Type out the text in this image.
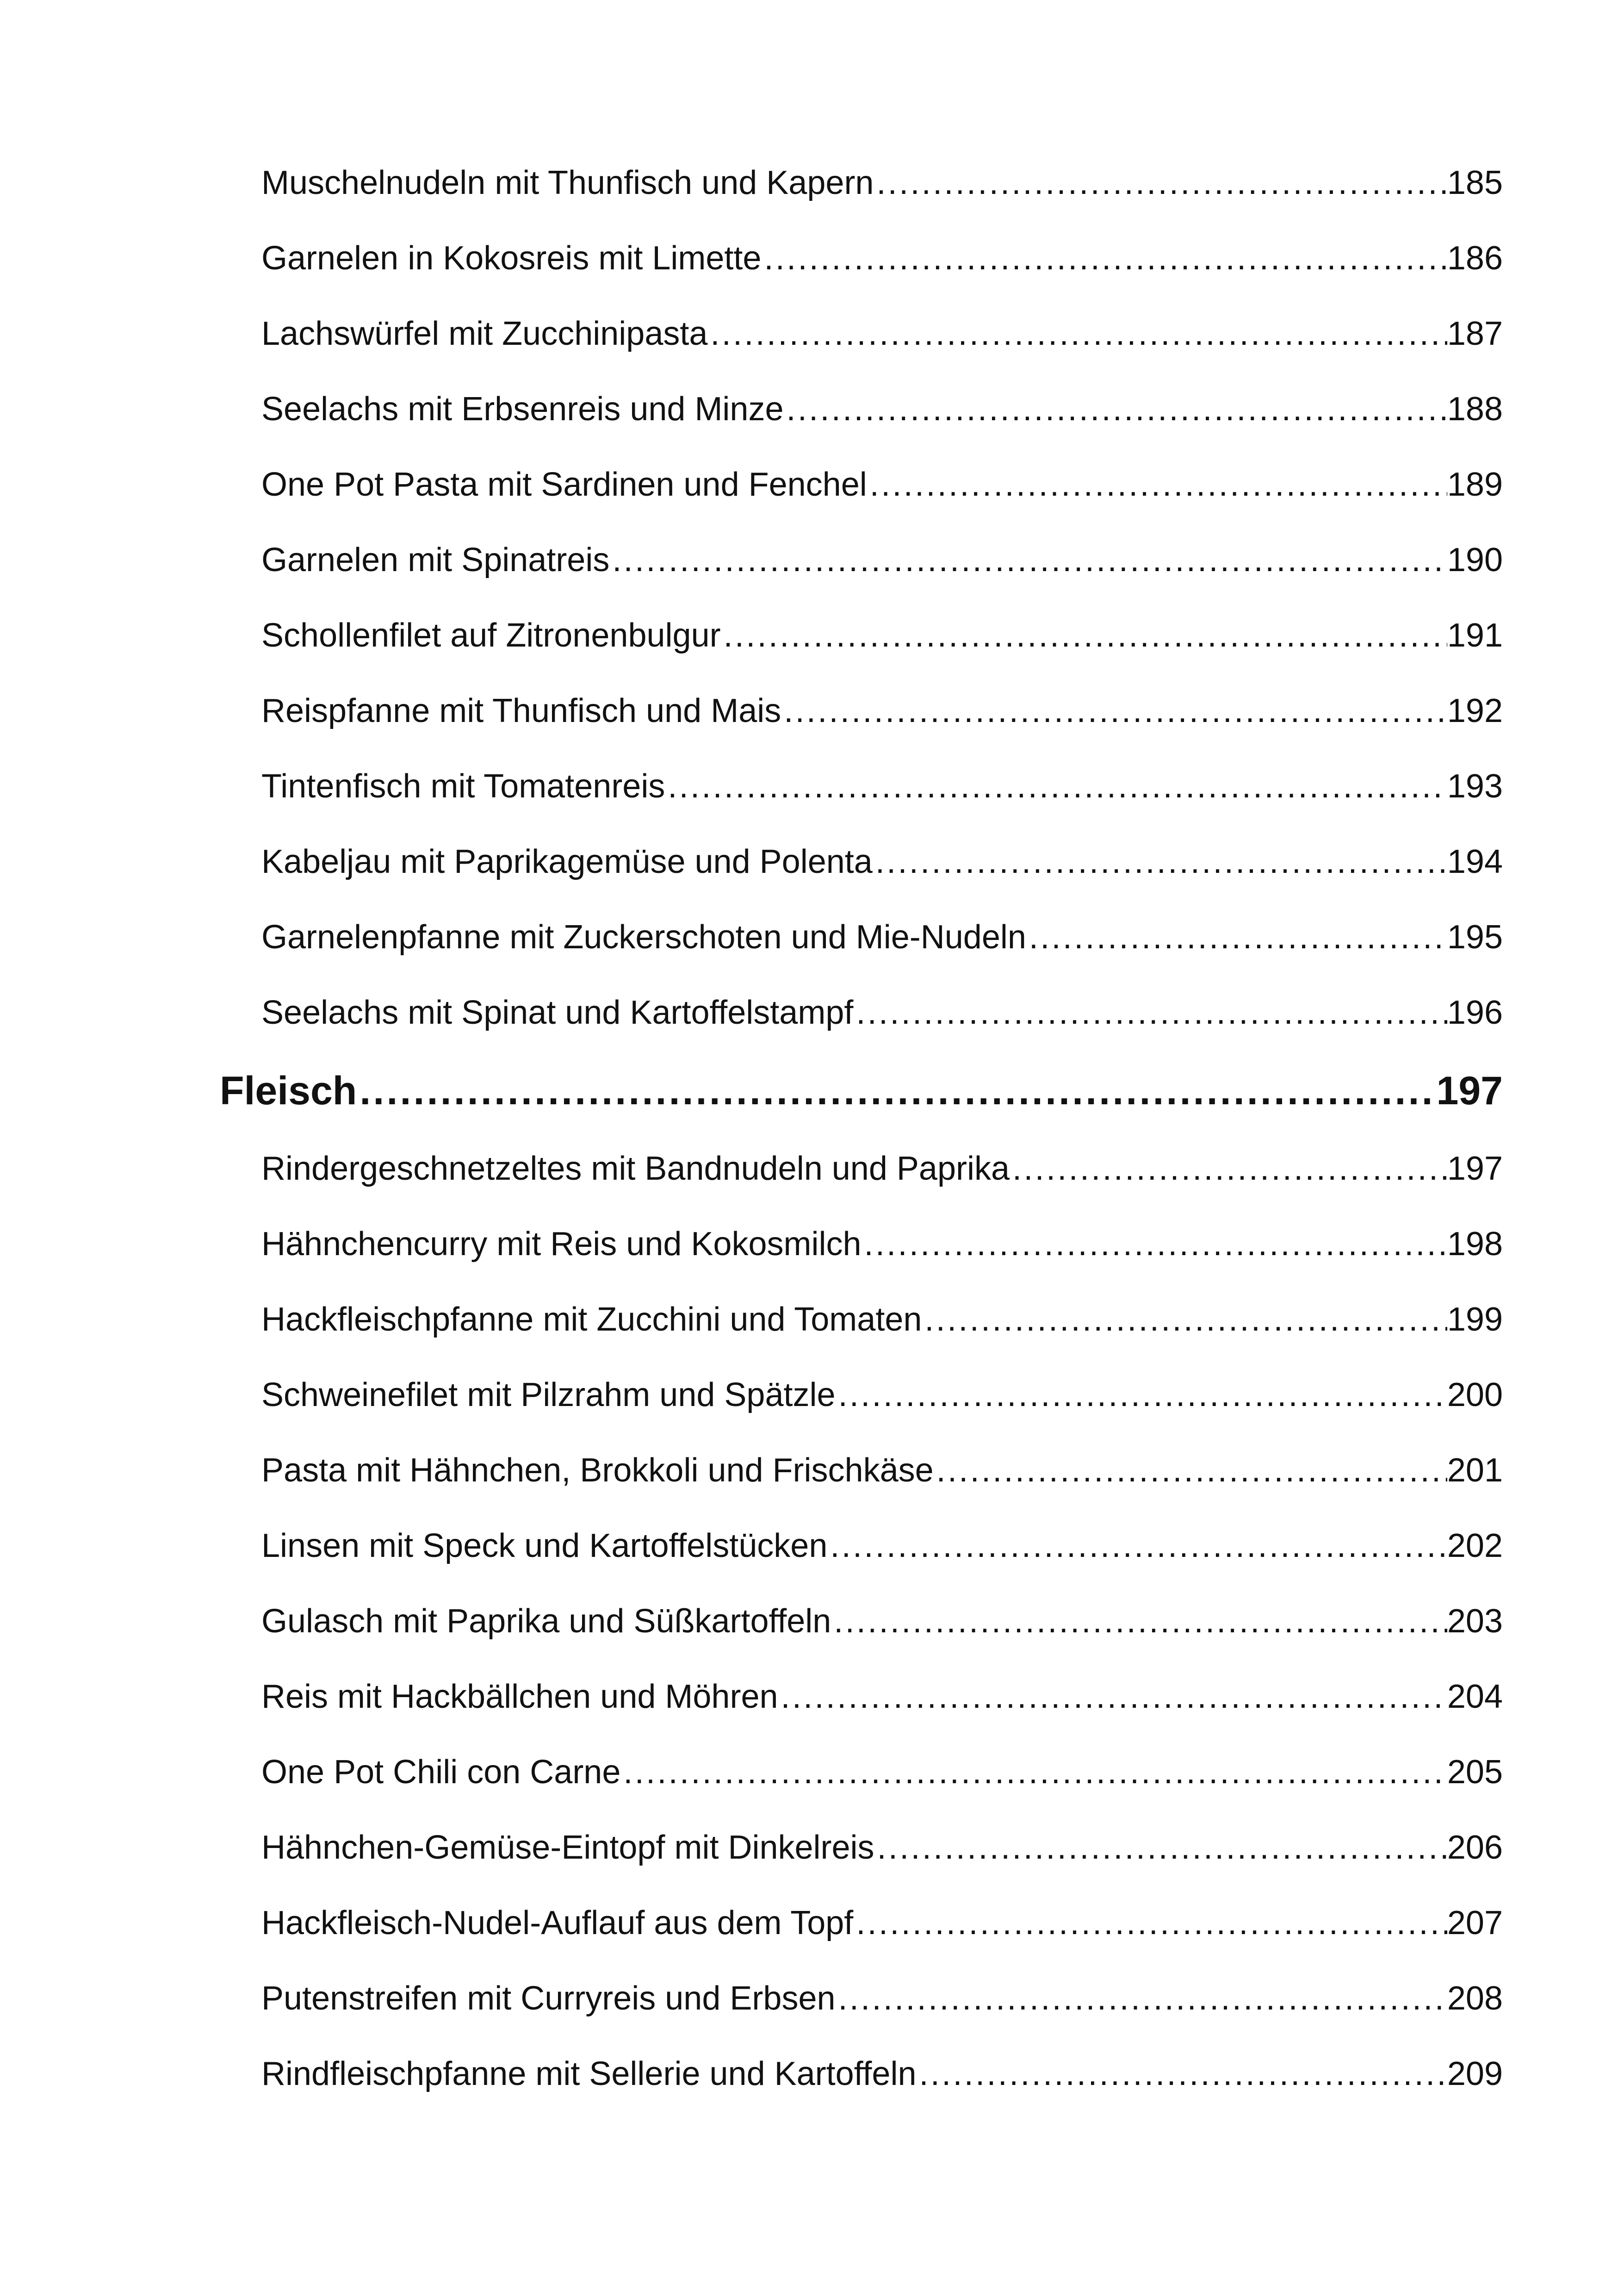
Muschelnudeln mit Thunfisch und Kapern .....	185
Garnelen in Kokosreis mit Limette .....	186
Lachswürfel mit Zucchinipasta .....	187
Seelachs mit Erbsenreis und Minze .....	188
One Pot Pasta mit Sardinen und Fenchel .....	189
Garnelen mit Spinatreis .....	190
Schollenfilet auf Zitronenbulgur .....	191
Reispfanne mit Thunfisch und Mais .....	192
Tintenfisch mit Tomatenreis .....	193
Kabeljau mit Paprikagemüse und Polenta .....	194
Garnelenpfanne mit Zuckerschoten und Mie-Nudeln .....	195
Seelachs mit Spinat und Kartoffelstampf .....	196
Fleisch .....	197
Rindergeschnetzeltes mit Bandnudeln und Paprika .....	197
Hähnchencurry mit Reis und Kokosmilch .....	198
Hackfleischpfanne mit Zucchini und Tomaten .....	199
Schweinefilet mit Pilzrahm und Spätzle .....	200
Pasta mit Hähnchen, Brokkoli und Frischkäse .....	201
Linsen mit Speck und Kartoffelstücken .....	202
Gulasch mit Paprika und Süßkartoffeln .....	203
Reis mit Hackbällchen und Möhren .....	204
One Pot Chili con Carne .....	205
Hähnchen-Gemüse-Eintopf mit Dinkelreis .....	206
Hackfleisch-Nudel-Auflauf aus dem Topf .....	207
Putenstreifen mit Curryreis und Erbsen .....	208
Rindfleischpfanne mit Sellerie und Kartoffeln .....	209
